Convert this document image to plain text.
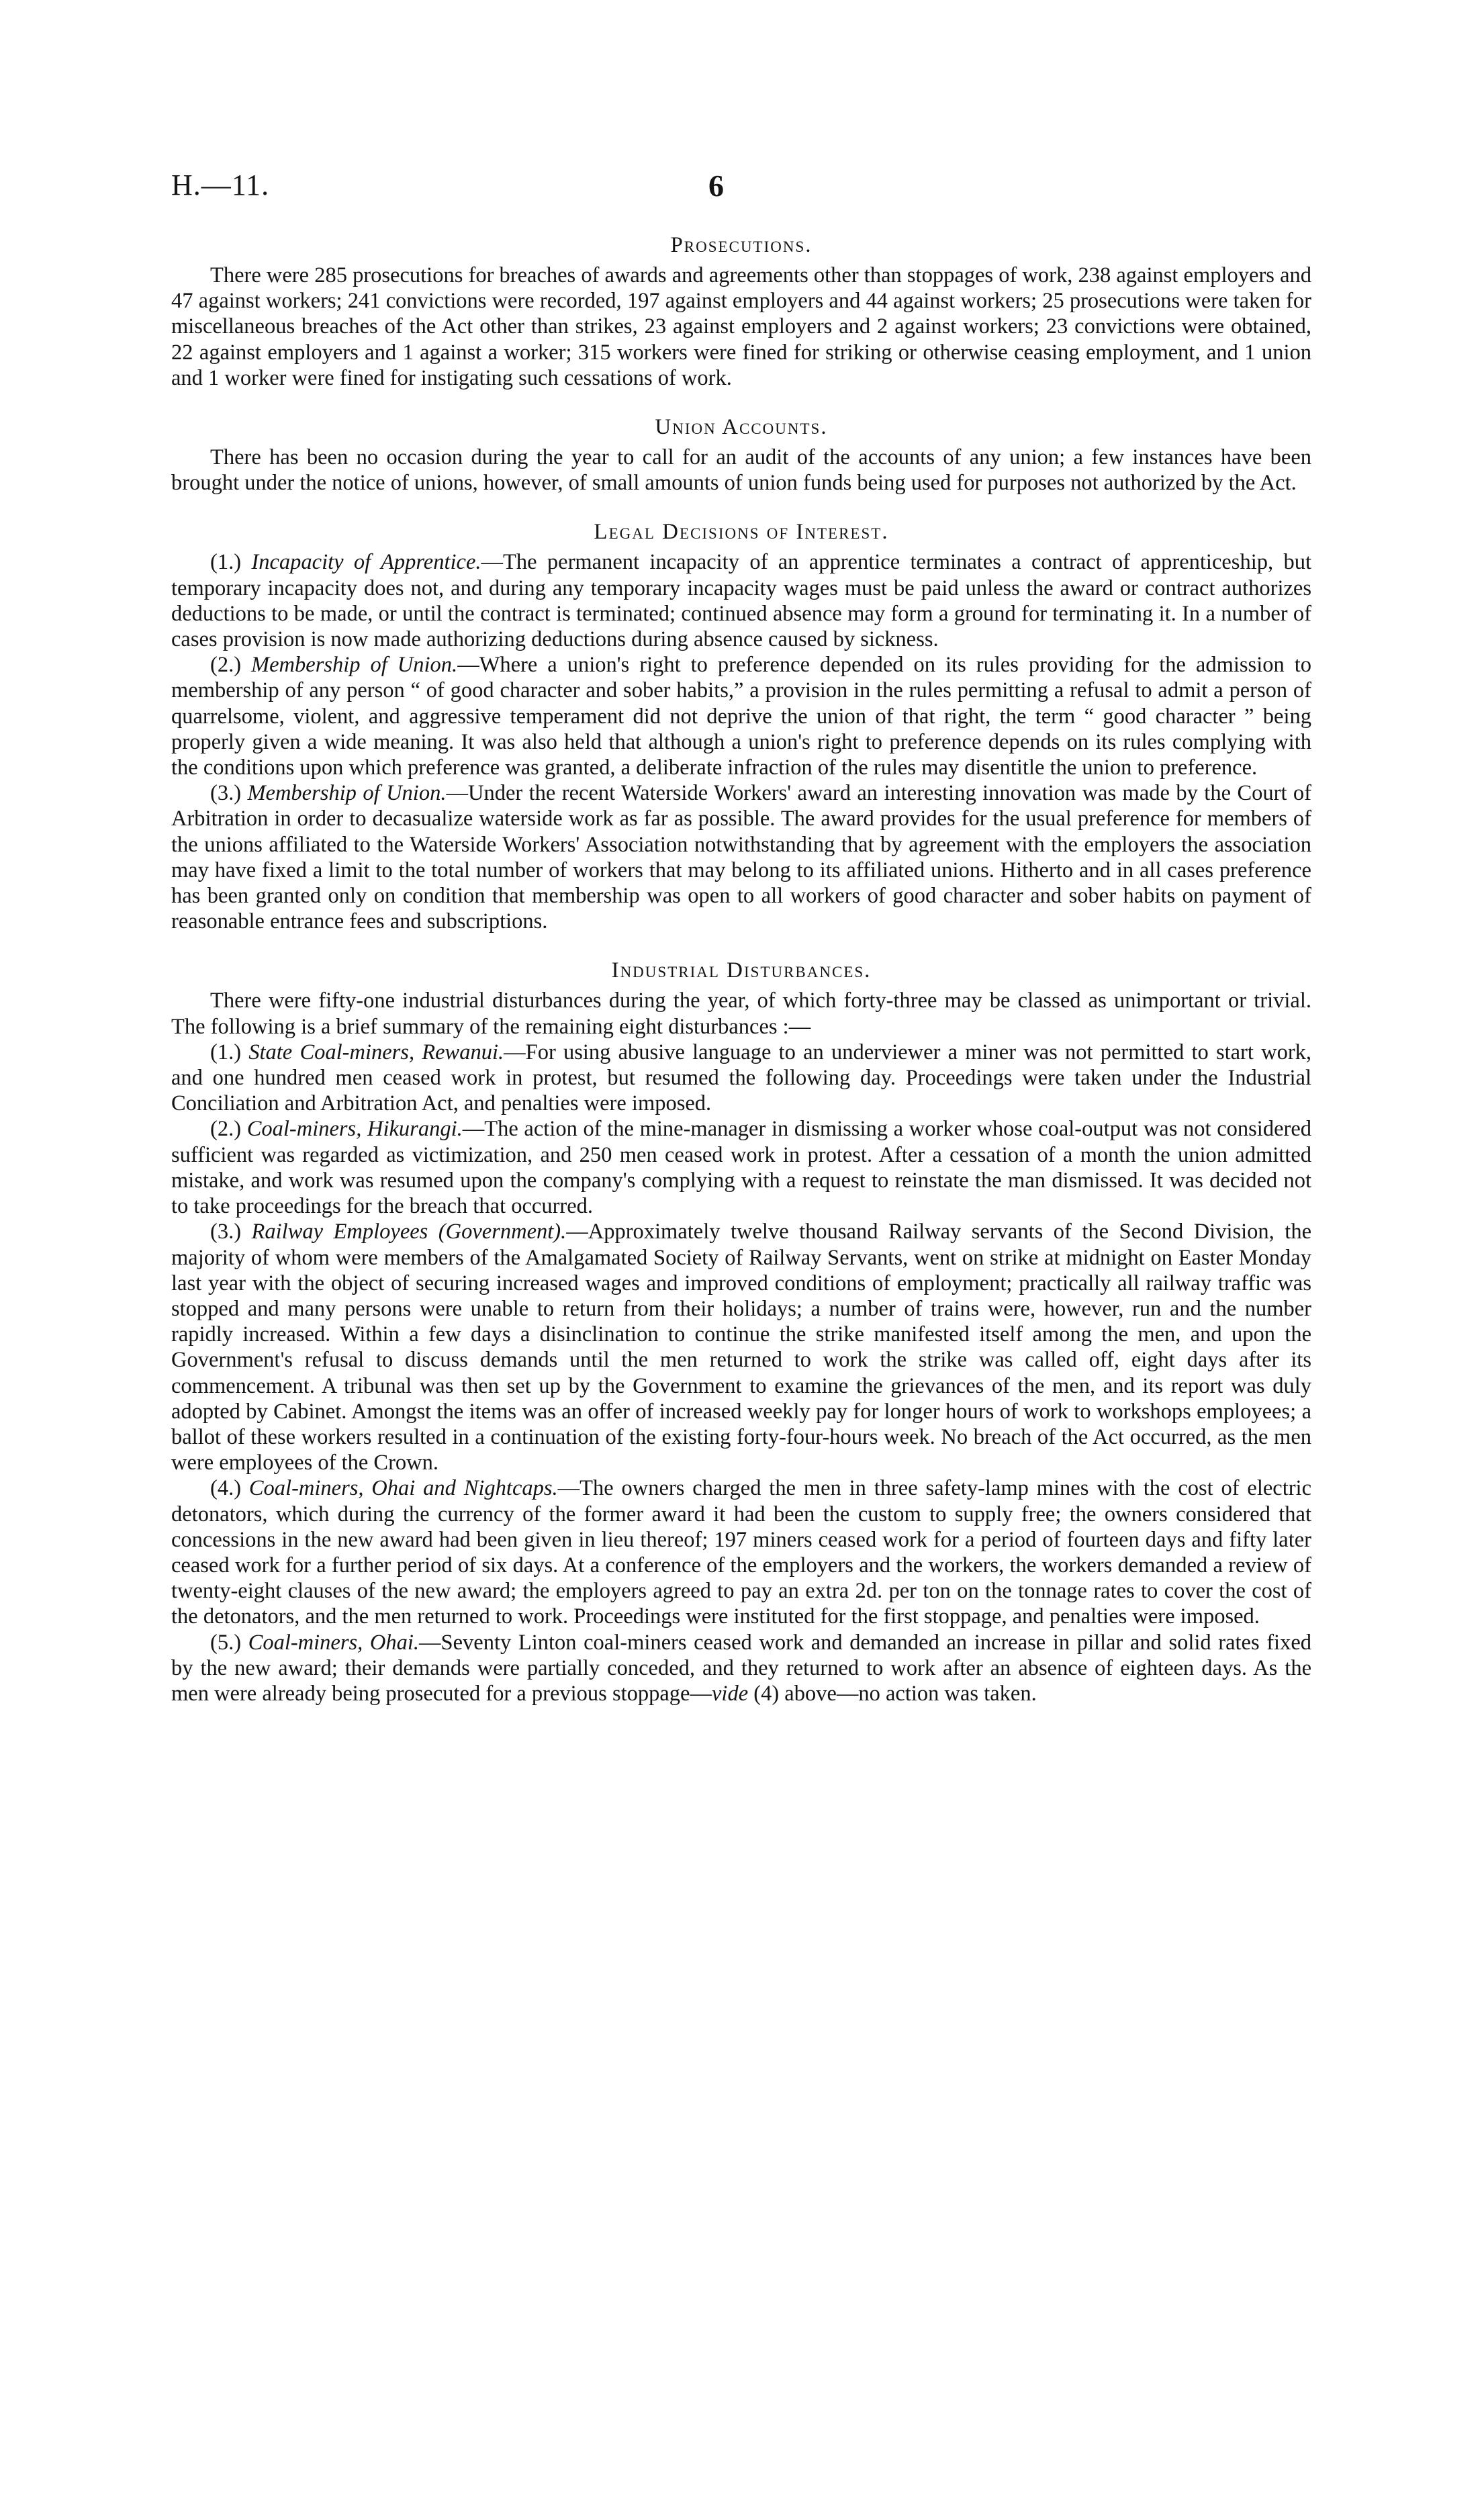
H.—11.	6
Prosecutions.

There were 285 prosecutions for breaches of awards and agreements other than stoppages of work, 238 against employers and 47 against workers; 241 convictions were recorded, 197 against employers and 44 against workers; 25 prosecutions were taken for miscellaneous breaches of the Act other than strikes, 23 against employers and 2 against workers; 23 convictions were obtained, 22 against employers and 1 against a worker; 315 workers were fined for striking or otherwise ceasing employment, and 1 union and 1 worker were fined for instigating such cessations of work.

Union Accounts.

There has been no occasion during the year to call for an audit of the accounts of any union; a few instances have been brought under the notice of unions, however, of small amounts of union funds being used for purposes not authorized by the Act.

Legal Decisions of Interest.

(1.) Incapacity of Apprentice.—The permanent incapacity of an apprentice terminates a contract of apprenticeship, but temporary incapacity does not, and during any temporary incapacity wages must be paid unless the award or contract authorizes deductions to be made, or until the contract is terminated; continued absence may form a ground for terminating it. In a number of cases provision is now made authorizing deductions during absence caused by sickness.

(2.) Membership of Union.—Where a union's right to preference depended on its rules providing for the admission to membership of any person “ of good character and sober habits,” a provision in the rules permitting a refusal to admit a person of quarrelsome, violent, and aggressive temperament did not deprive the union of that right, the term “ good character ” being properly given a wide meaning. It was also held that although a union's right to preference depends on its rules complying with the conditions upon which preference was granted, a deliberate infraction of the rules may disentitle the union to preference.

(3.) Membership of Union.—Under the recent Waterside Workers' award an interesting innovation was made by the Court of Arbitration in order to decasualize waterside work as far as possible. The award provides for the usual preference for members of the unions affiliated to the Waterside Workers' Association notwithstanding that by agreement with the employers the association may have fixed a limit to the total number of workers that may belong to its affiliated unions. Hitherto and in all cases preference has been granted only on condition that membership was open to all workers of good character and sober habits on payment of reasonable entrance fees and subscriptions.

Industrial Disturbances.

There were fifty-one industrial disturbances during the year, of which forty-three may be classed as unimportant or trivial. The following is a brief summary of the remaining eight disturbances :—

(1.) State Coal-miners, Rewanui.—For using abusive language to an underviewer a miner was not permitted to start work, and one hundred men ceased work in protest, but resumed the following day. Proceedings were taken under the Industrial Conciliation and Arbitration Act, and penalties were imposed.

(2.) Coal-miners, Hikurangi.—The action of the mine-manager in dismissing a worker whose coal-output was not considered sufficient was regarded as victimization, and 250 men ceased work in protest. After a cessation of a month the union admitted mistake, and work was resumed upon the company's complying with a request to reinstate the man dismissed. It was decided not to take proceedings for the breach that occurred.

(3.) Railway Employees (Government).—Approximately twelve thousand Railway servants of the Second Division, the majority of whom were members of the Amalgamated Society of Railway Servants, went on strike at midnight on Easter Monday last year with the object of securing increased wages and improved conditions of employment; practically all railway traffic was stopped and many persons were unable to return from their holidays; a number of trains were, however, run and the number rapidly increased. Within a few days a disinclination to continue the strike manifested itself among the men, and upon the Government's refusal to discuss demands until the men returned to work the strike was called off, eight days after its commencement. A tribunal was then set up by the Government to examine the grievances of the men, and its report was duly adopted by Cabinet. Amongst the items was an offer of increased weekly pay for longer hours of work to workshops employees; a ballot of these workers resulted in a continuation of the existing forty-four-hours week. No breach of the Act occurred, as the men were employees of the Crown.

(4.) Coal-miners, Ohai and Nightcaps.—The owners charged the men in three safety-lamp mines with the cost of electric detonators, which during the currency of the former award it had been the custom to supply free; the owners considered that concessions in the new award had been given in lieu thereof; 197 miners ceased work for a period of fourteen days and fifty later ceased work for a further period of six days. At a conference of the employers and the workers, the workers demanded a review of twenty-eight clauses of the new award; the employers agreed to pay an extra 2d. per ton on the tonnage rates to cover the cost of the detonators, and the men returned to work. Proceedings were instituted for the first stoppage, and penalties were imposed.

(5.) Coal-miners, Ohai.—Seventy Linton coal-miners ceased work and demanded an increase in pillar and solid rates fixed by the new award; their demands were partially conceded, and they returned to work after an absence of eighteen days. As the men were already being prosecuted for a previous stoppage—vide (4) above—no action was taken.
